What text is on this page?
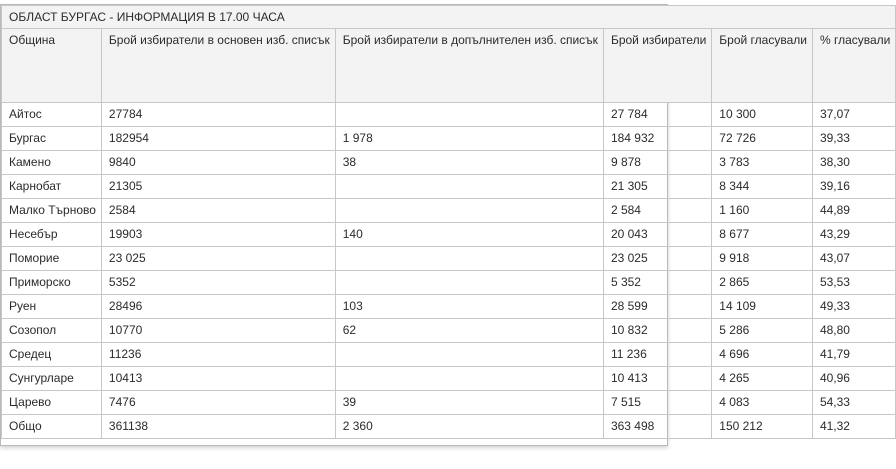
ОБЛАСТ БУРГАС - ИНФОРМАЦИЯ В 17.00 ЧАСА					
Община	Брой избиратели в основен изб. списък	Брой избиратели в допълнителен изб. списък	Брой избиратели	Брой гласували	% гласували
Айтос	27784		27 784	10 300	37,07
Бургас	182954	1 978	184 932	72 726	39,33
Камено	9840	38	9 878	3 783	38,30
Карнобат	21305		21 305	8 344	39,16
Малко Търново	2584		2 584	1 160	44,89
Несебър	19903	140	20 043	8 677	43,29
Поморие	23 025		23 025	9 918	43,07
Приморско	5352		5 352	2 865	53,53
Руен	28496	103	28 599	14 109	49,33
Созопол	10770	62	10 832	5 286	48,80
Средец	11236		11 236	4 696	41,79
Сунгурларе	10413		10 413	4 265	40,96
Царево	7476	39	7 515	4 083	54,33
Общо	361138	2 360	363 498	150 212	41,32
